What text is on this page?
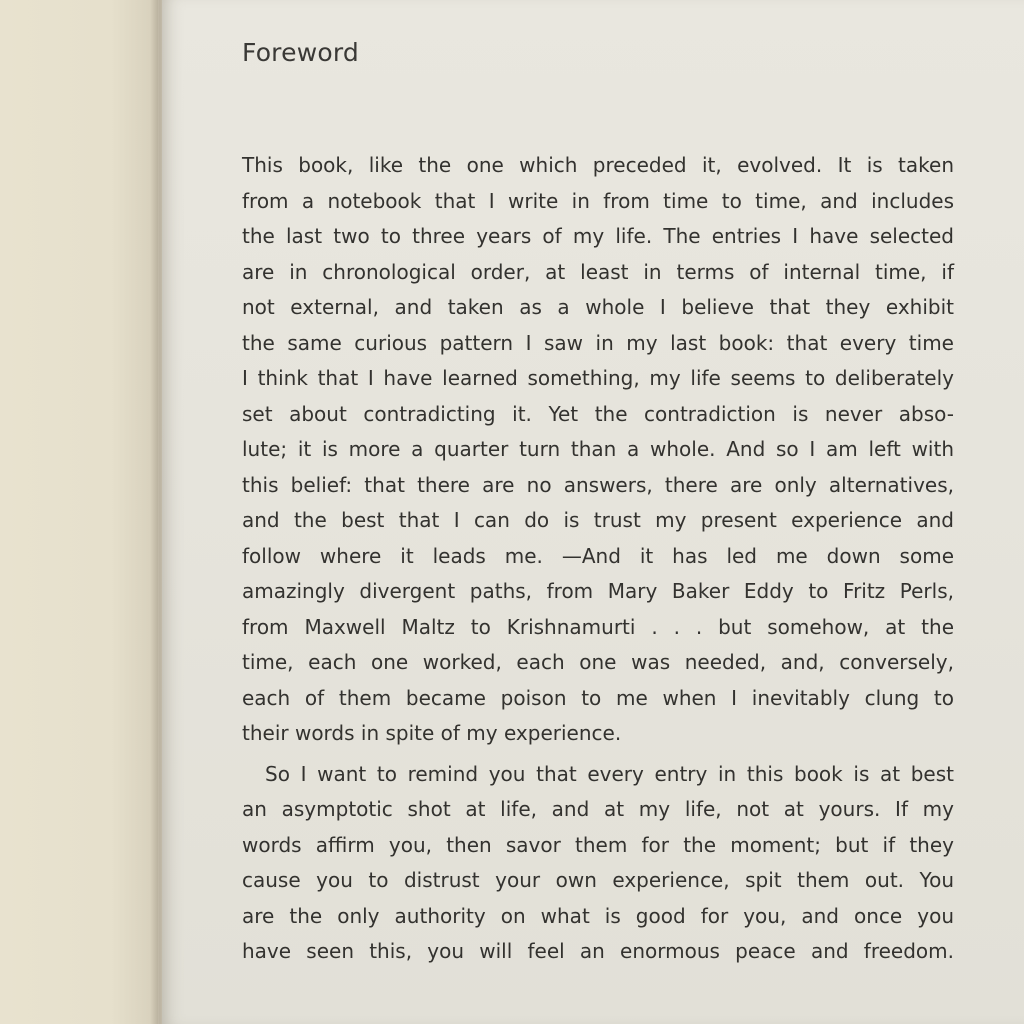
Foreword
This book, like the one which preceded it, evolved. It is taken
from a notebook that I write in from time to time, and includes
the last two to three years of my life. The entries I have selected
are in chronological order, at least in terms of internal time, if
not external, and taken as a whole I believe that they exhibit
the same curious pattern I saw in my last book: that every time
I think that I have learned something, my life seems to deliberately
set about contradicting it. Yet the contradiction is never abso-
lute; it is more a quarter turn than a whole. And so I am left with
this belief: that there are no answers, there are only alternatives,
and the best that I can do is trust my present experience and
follow where it leads me. —And it has led me down some
amazingly divergent paths, from Mary Baker Eddy to Fritz Perls,
from Maxwell Maltz to Krishnamurti . . . but somehow, at the
time, each one worked, each one was needed, and, conversely,
each of them became poison to me when I inevitably clung to
their words in spite of my experience.
So I want to remind you that every entry in this book is at best
an asymptotic shot at life, and at my life, not at yours. If my
words affirm you, then savor them for the moment; but if they
cause you to distrust your own experience, spit them out. You
are the only authority on what is good for you, and once you
have seen this, you will feel an enormous peace and freedom.
